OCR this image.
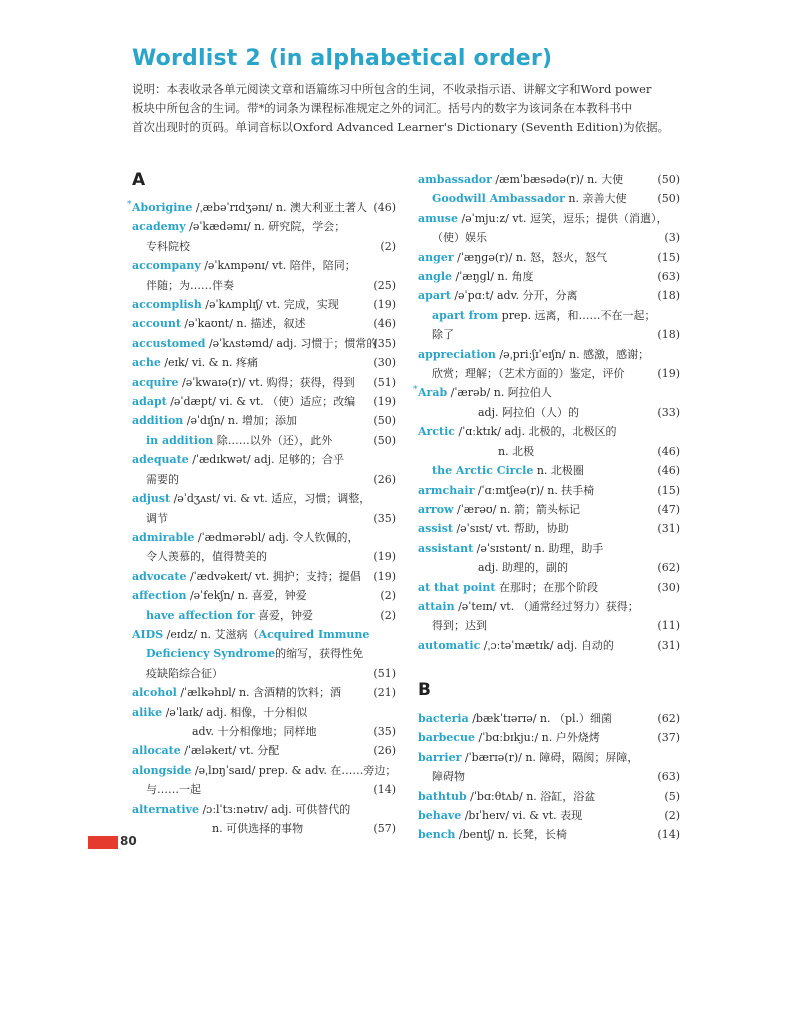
Wordlist 2 (in alphabetical order)
说明：本表收录各单元阅读文章和语篇练习中所包含的生词，不收录指示语、讲解文字和Word power
板块中所包含的生词。带*的词条为课程标准规定之外的词汇。括号内的数字为该词条在本教科书中
首次出现时的页码。单词音标以Oxford Advanced Learner's Dictionary (Seventh Edition)为依据。
A
B
* Aborigine /ˌæbəˈrɪdʒənɪ/ n. 澳大利亚土著人 (46)
academy /əˈkædəmɪ/ n. 研究院，学会；
专科院校	(2)
accompany /əˈkʌmpənɪ/ vt. 陪伴，陪同；
伴随；为……伴奏	(25)
accomplish /əˈkʌmplɪʃ/ vt. 完成，实现	(19)
account /əˈkaʊnt/ n. 描述，叙述	(46)
accustomed /əˈkʌstəmd/ adj. 习惯于；惯常的
(35)
ache /eɪk/ vi. & n. 疼痛	(30)
acquire /əˈkwaɪə(r)/ vt. 购得；获得，得到 (51)
adapt /əˈdæpt/ vi. & vt. （使）适应；改编 (19)
addition /əˈdɪʃn/ n. 增加；添加	(50)
in addition 除……以外（还），此外	(50)
adequate /ˈædɪkwət/ adj. 足够的；合乎
需要的	(26)
adjust /əˈdʒʌst/ vi. & vt. 适应，习惯；调整，
调节	(35)
admirable /ˈædmərəbl/ adj. 令人钦佩的，
令人羡慕的，值得赞美的	(19)
advocate /ˈædvəkeɪt/ vt. 拥护；支持；提倡 (19)
affection /əˈfekʃn/ n. 喜爱，钟爱	(2)
have affection for 喜爱，钟爱	(2)
AIDS /eɪdz/ n. 艾滋病（Acquired Immune
Deficiency Syndrome的缩写，获得性免
疫缺陷综合征）	(51)
alcohol /ˈælkəhɒl/ n. 含酒精的饮料；酒	(21)
alike /əˈlaɪk/ adj. 相像，十分相似
adv. 十分相像地；同样地	(35)
allocate /ˈæləkeɪt/ vt. 分配	(26)
alongside /əˌlɒŋˈsaɪd/ prep. & adv. 在……旁边；
与……一起	(14)
alternative /ɔːlˈtɜːnətɪv/ adj. 可供替代的
n. 可供选择的事物	(57)
ambassador /æmˈbæsədə(r)/ n. 大使	(50)
Goodwill Ambassador n. 亲善大使	(50)
amuse /əˈmjuːz/ vt. 逗笑，逗乐；提供（消遣），
（使）娱乐	(3)
anger /ˈæŋɡə(r)/ n. 怒，怒火，怒气	(15)
angle /ˈæŋɡl/ n. 角度	(63)
apart /əˈpɑːt/ adv. 分开，分离	(18)
apart from prep. 远离，和……不在一起；
除了	(18)
appreciation /əˌpriːʃɪˈeɪʃn/ n. 感激，感谢；
欣赏；理解；（艺术方面的）鉴定，评价	(19)
* Arab /ˈærəb/ n. 阿拉伯人
adj. 阿拉伯（人）的	(33)
Arctic /ˈɑːktɪk/ adj. 北极的，北极区的
n. 北极	(46)
the Arctic Circle n. 北极圈	(46)
armchair /ˈɑːmtʃeə(r)/ n. 扶手椅	(15)
arrow /ˈærəʊ/ n. 箭；箭头标记	(47)
assist /əˈsɪst/ vt. 帮助，协助	(31)
assistant /əˈsɪstənt/ n. 助理，助手
adj. 助理的，副的	(62)
at that point 在那时；在那个阶段	(30)
attain /əˈteɪn/ vt. （通常经过努力）获得；
得到；达到	(11)
automatic /ˌɔːtəˈmætɪk/ adj. 自动的	(31)
bacteria /bækˈtɪərɪə/ n. （pl.）细菌	(62)
barbecue /ˈbɑːbɪkjuː/ n. 户外烧烤	(37)
barrier /ˈbærɪə(r)/ n. 障碍，隔阂；屏障，
障碍物	(63)
bathtub /ˈbɑːθtʌb/ n. 浴缸，浴盆	(5)
behave /bɪˈheɪv/ vi. & vt. 表现	(2)
bench /bentʃ/ n. 长凳，长椅	(14)
80
